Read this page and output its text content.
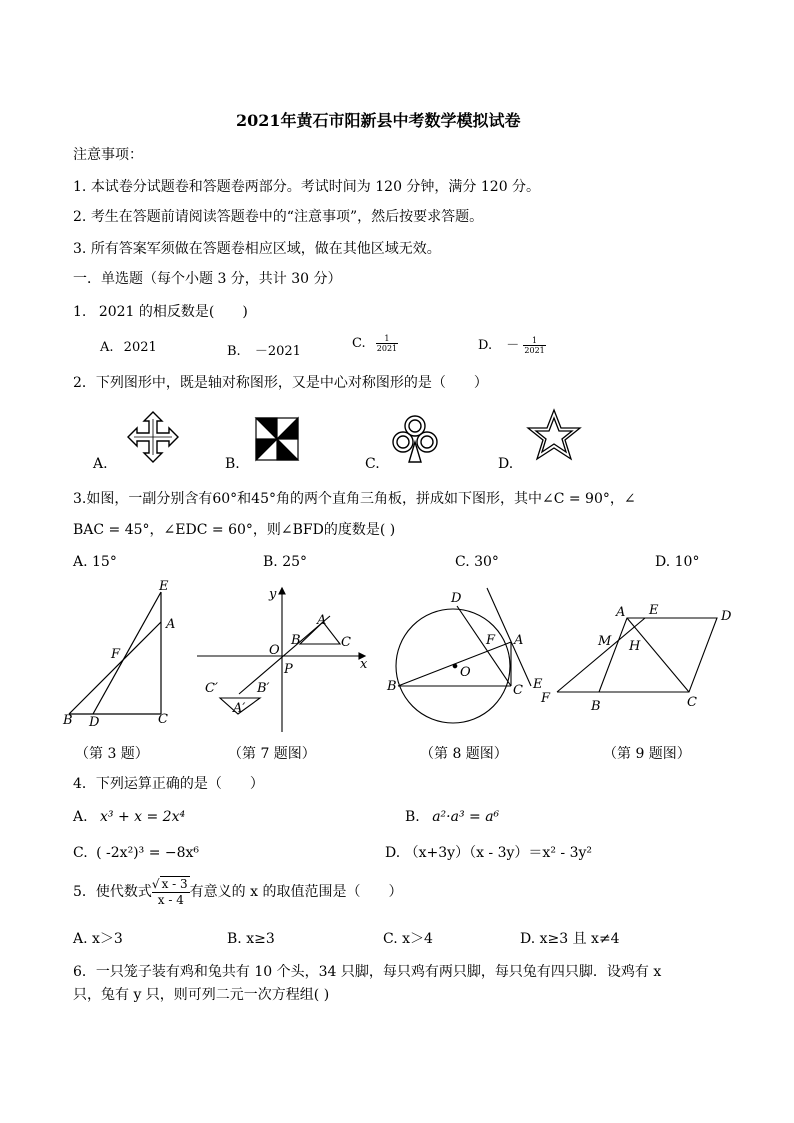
2021年黄石市阳新县中考数学模拟试卷
注意事项：
1. 本试卷分试题卷和答题卷两部分。考试时间为 120 分钟，满分 120 分。
2. 考生在答题前请阅读答题卷中的“注意事项”，然后按要求答题。
3. 所有答案军须做在答题卷相应区域，做在其他区域无效。
一．单选题（每个小题 3 分，共计 30 分）
1. 2021 的相反数是(　　)
A. 2021	B. －2021
C. $\frac{1}{2021}$	D. － $\frac{1}{2021}$
2．下列图形中，既是轴对称图形，又是中心对称图形的是（　　）
A.	B.	C.	D.
3.如图，一副分别含有60°和45°角的两个直角三角板，拼成如下图形，其中∠C = 90°，∠
BAC = 45°，∠EDC = 60°，则∠BFD的度数是( )
A. 15°	B. 25°	C. 30°	D. 10°
E
A
F
B D	C
y
A
O
B	C
P	x
C′	B′
A′
D
F A
O
B	C E
A E	D
M H
F
B	C
（第 3 题）	（第 7 题图）	（第 8 题图）	（第 9 题图）
4．下列运算正确的是（　　）
A. x³ + x = 2x⁴	B. a²·a³ = a⁶
C. ( -2x²)³ = −8x⁶	D. （x+3y）（x - 3y）＝x² - 3y²
5．使代数式 $\frac{√ x - 3}{x - 4}$ 有意义的 x 的取值范围是（　　）
A. x＞3	B. x≥3	C. x＞4	D. x≥3 且 x≠4
6．一只笼子装有鸡和兔共有 10 个头，34 只脚，每只鸡有两只脚，每只兔有四只脚．设鸡有 x
只，兔有 y 只，则可列二元一次方程组( )
